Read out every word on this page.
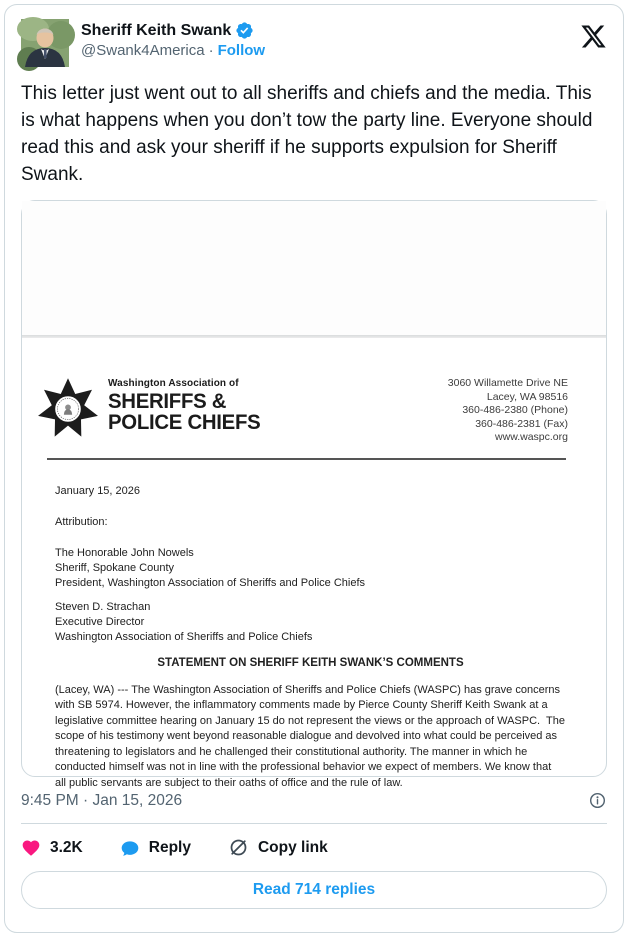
Sheriff Keith Swank
@Swank4America · Follow

This letter just went out to all sheriffs and chiefs and the media. This is what happens when you don’t tow the party line. Everyone should read this and ask your sheriff if he supports expulsion for Sheriff Swank.

Washington Association of
SHERIFFS &
POLICE CHIEFS
3060 Willamette Drive NE
Lacey, WA 98516
360-486-2380 (Phone)
360-486-2381 (Fax)
www.waspc.org
January 15, 2026
Attribution:
The Honorable John Nowels
Sheriff, Spokane County
President, Washington Association of Sheriffs and Police Chiefs
Steven D. Strachan
Executive Director
Washington Association of Sheriffs and Police Chiefs
STATEMENT ON SHERIFF KEITH SWANK’S COMMENTS
(Lacey, WA) --- The Washington Association of Sheriffs and Police Chiefs (WASPC) has grave concerns
with SB 5974. However, the inflammatory comments made by Pierce County Sheriff Keith Swank at a
legislative committee hearing on January 15 do not represent the views or the approach of WASPC.  The
scope of his testimony went beyond reasonable dialogue and devolved into what could be perceived as
threatening to legislators and he challenged their constitutional authority. The manner in which he
conducted himself was not in line with the professional behavior we expect of members. We know that
all public servants are subject to their oaths of office and the rule of law.
9:45 PM · Jan 15, 2026
3.2K	Reply	Copy link
Read 714 replies
